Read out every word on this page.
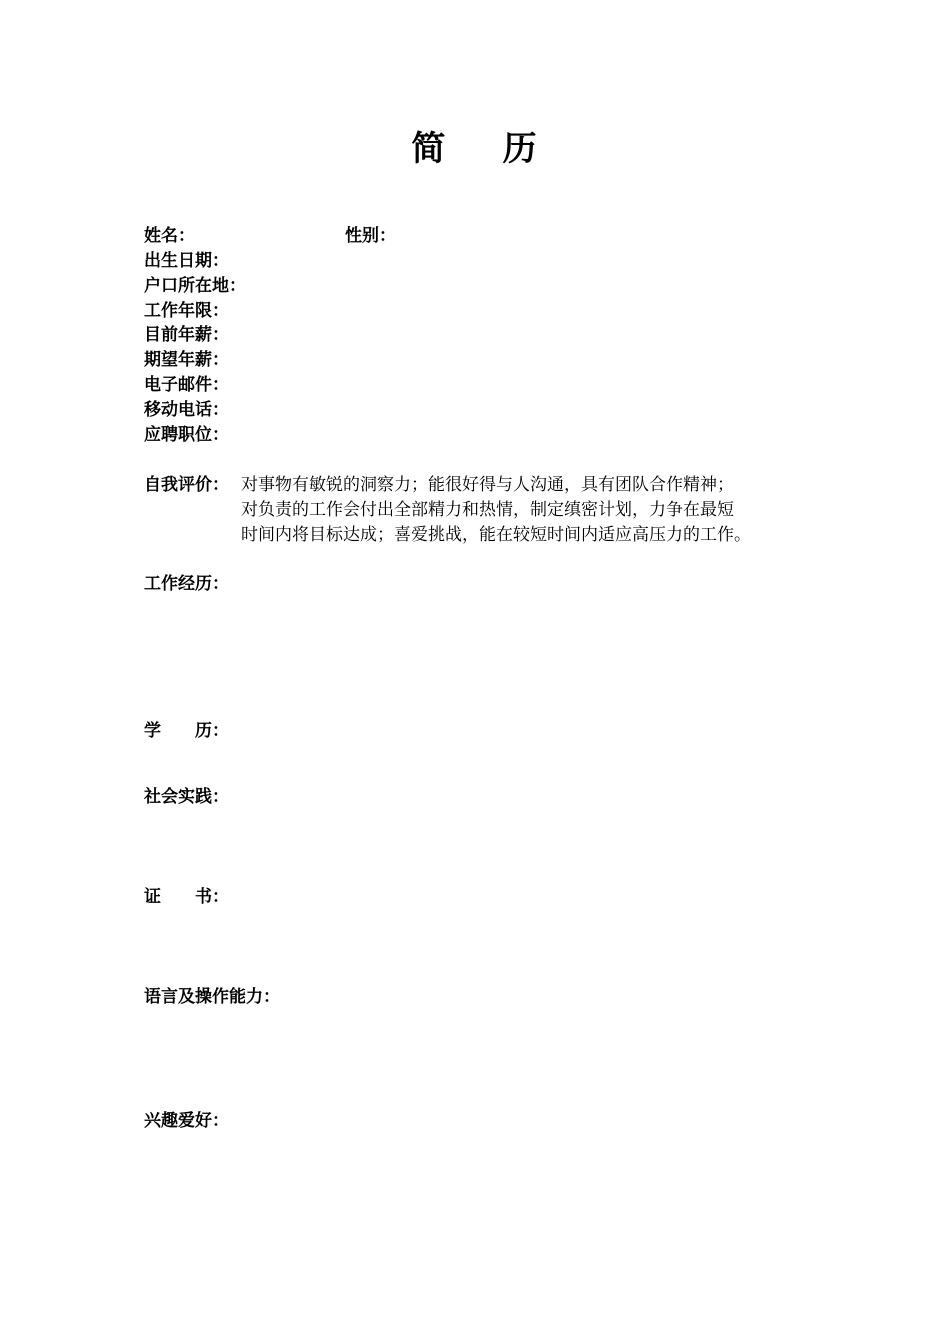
简    历
姓名：	性别：
出生日期：
户口所在地：
工作年限：
目前年薪：
期望年薪：
电子邮件：
移动电话：
应聘职位：
自我评价： 对事物有敏锐的洞察力；能很好得与人沟通，具有团队合作精神；
对负责的工作会付出全部精力和热情，制定缜密计划，力争在最短
时间内将目标达成；喜爱挑战，能在较短时间内适应高压力的工作。
工作经历：
学　　历：
社会实践：
证　　书：
语言及操作能力：
兴趣爱好：
